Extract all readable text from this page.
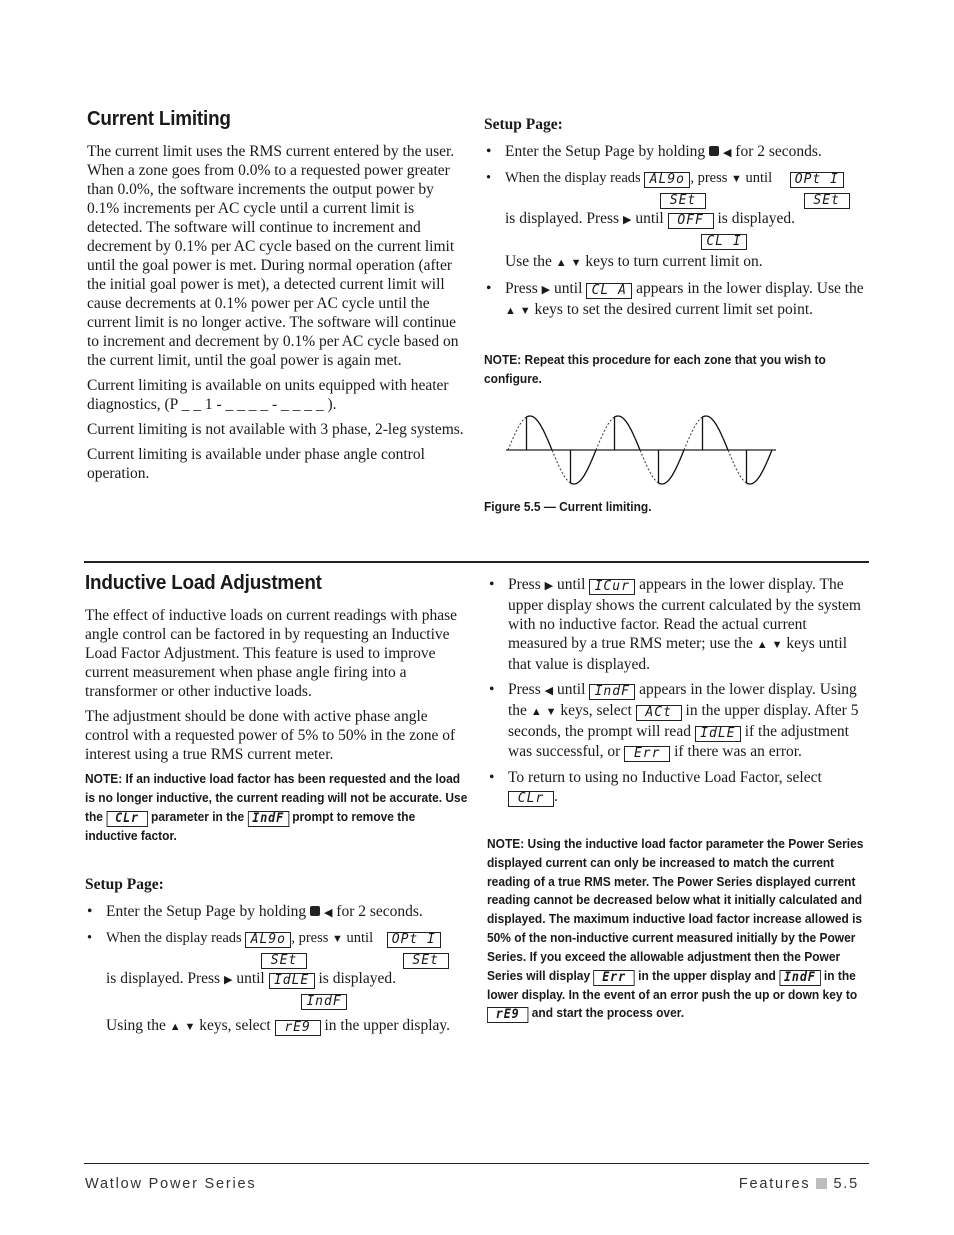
Current Limiting

The current limit uses the RMS current entered by the user. When a zone goes from 0.0% to a requested power greater than 0.0%, the software increments the output power by 0.1% increments per AC cycle until a current limit is detected. The software will continue to increment and decrement by 0.1% per AC cycle based on the current limit until the goal power is met. During normal operation (after the initial goal power is met), a detected current limit will cause decrements at 0.1% power per AC cycle until the current limit is no longer active. The software will continue to increment and decrement by 0.1% per AC cycle based on the current limit, until the goal power is again met.

Current limiting is available on units equipped with heater diagnostics, (P _ _ 1 - _ _ _ _ - _ _ _ _ ).

Current limiting is not available with 3 phase, 2-leg systems.

Current limiting is available under phase angle control operation.

Setup Page:

• Enter the Setup Page by holding ◀ for 2 seconds.
• When the display reads AL9o , press ▼ until OPt I
SEt	SEt
is displayed. Press ▶ until OFF is displayed.
CL I
Use the ▲ ▼ keys to turn current limit on.
• Press ▶ until CL A appears in the lower display. Use the ▲ ▼ keys to set the desired current limit set point.
NOTE: Repeat this procedure for each zone that you wish to configure.
Figure 5.5 — Current limiting.
Inductive Load Adjustment

The effect of inductive loads on current readings with phase angle control can be factored in by requesting an Inductive Load Factor Adjustment. This feature is used to improve current measurement when phase angle firing into a transformer or other inductive loads.

The adjustment should be done with active phase angle control with a requested power of 5% to 50% in the zone of interest using a true RMS current meter.

NOTE: If an inductive load factor has been requested and the load is no longer inductive, the current reading will not be accurate. Use the CLr parameter in the IndF prompt to remove the inductive factor.

Setup Page:

• Enter the Setup Page by holding ◀ for 2 seconds.
• When the display reads AL9o , press ▼ until OPt I
SEt	SEt
is displayed. Press ▶ until IdLE is displayed.
IndF
Using the ▲ ▼ keys, select rE9 in the upper display.
• Press ▶ until ICur appears in the lower display. The upper display shows the current calculated by the system with no inductive factor. Read the actual current measured by a true RMS meter; use the ▲ ▼ keys until that value is displayed.
• Press ◀ until IndF appears in the lower display. Using the ▲ ▼ keys, select ACt in the upper display. After 5 seconds, the prompt will read IdLE if the adjustment was successful, or Err if there was an error.
• To return to using no Inductive Load Factor, select CLr .
NOTE: Using the inductive load factor parameter the Power Series displayed current can only be increased to match the current reading of a true RMS meter. The Power Series displayed current reading cannot be decreased below what it initially calculated and displayed. The maximum inductive load factor increase allowed is 50% of the non-inductive current measured initially by the Power Series. If you exceed the allowable adjustment then the Power Series will display Err in the upper display and IndF in the lower display. In the event of an error push the up or down key to rE9 and start the process over.
Watlow Power Series	Features 5.5
